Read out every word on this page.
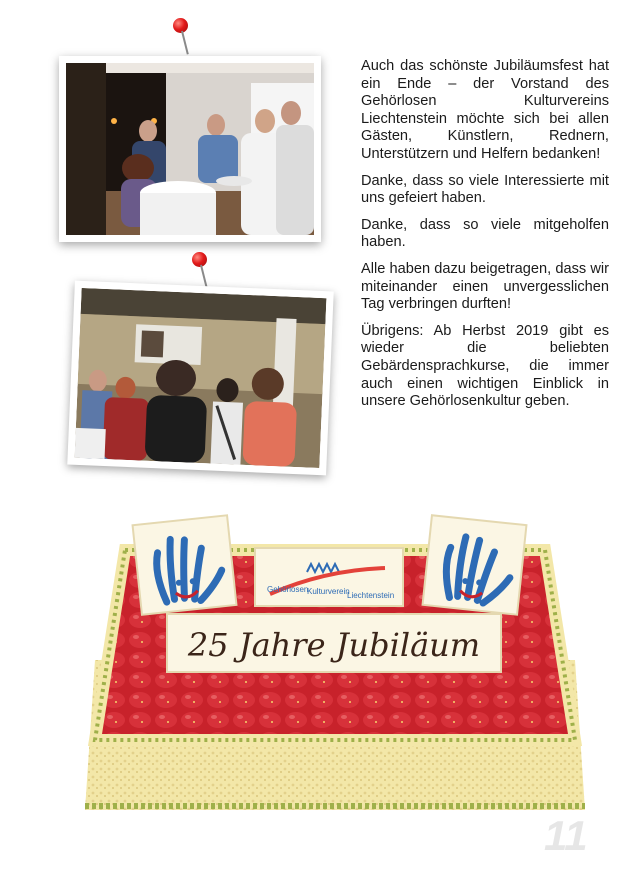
Auch das schönste Jubiläumsfest hat ein Ende – der Vorstand des Gehörlosen Kulturvereins Liechtenstein möchte sich bei allen Gästen, Künstlern, Rednern, Unterstützern und Helfern bedanken!

Danke, dass so viele Interessierte mit uns gefeiert haben.

Danke, dass so viele mitgeholfen haben.

Alle haben dazu beigetragen, dass wir miteinander einen unvergesslichen Tag verbringen durften!

Übrigens: Ab Herbst 2019 gibt es wieder die beliebten Gebärdensprachkurse, die immer auch einen wichtigen Einblick in unsere Gehörlosenkultur geben.

Gehörlosen
Kulturverein
Liechtenstein
25 Jahre Jubiläum
11
